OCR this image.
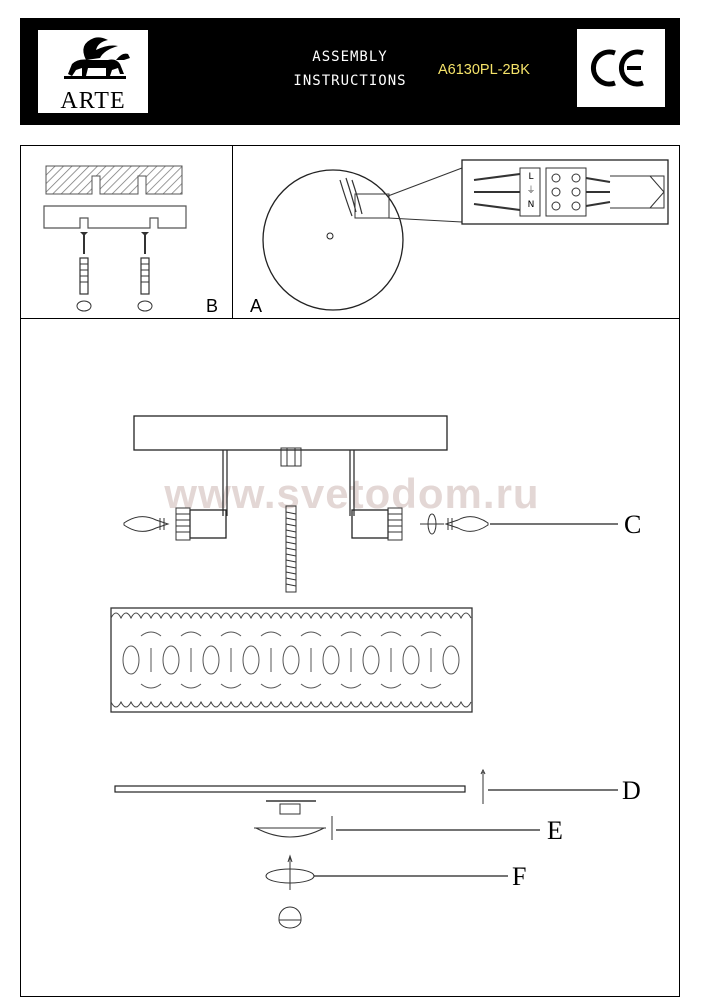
ARTE
ASSEMBLY
INSTRUCTIONS
A6130PL-2BK
www.svetodom.ru
B A
L
⏚
N
C
D
E
F
